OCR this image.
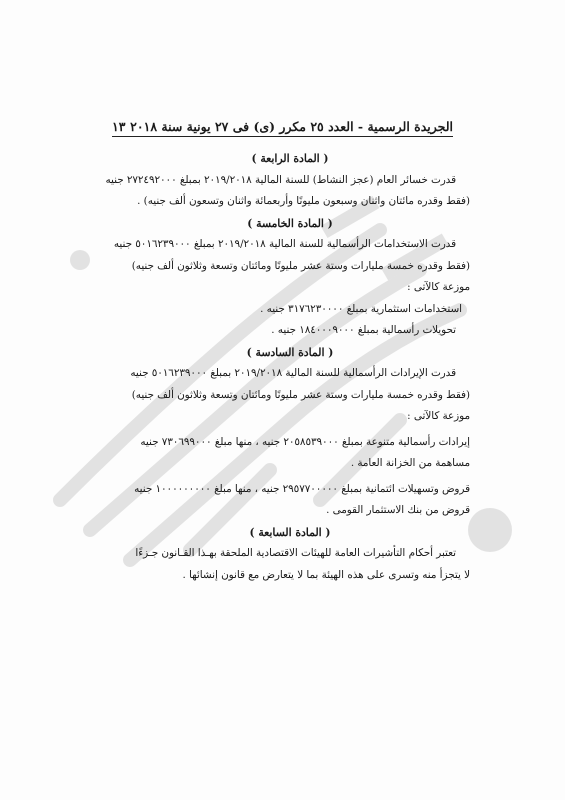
الجريدة الرسمية - العدد ٢٥ مكرر (ى) فى ٢٧ يونية سنة ٢٠١٨
١٣
( المادة الرابعة )
قدرت خسائر العام (عجز النشاط) للسنة المالية ٢٠١٩/٢٠١٨ بمبلغ ٢٧٢٤٩٢٠٠٠ جنيه
(فقط وقدره مائتان واثنان وسبعون مليونًا وأربعمائة واثنان وتسعون ألف جنيه) .
( المادة الخامسة )
قدرت الاستخدامات الرأسمالية للسنة المالية ٢٠١٩/٢٠١٨ بمبلغ ٥٠١٦٢٣٩٠٠٠ جنيه
(فقط وقدره خمسة مليارات وستة عشر مليونًا ومائتان وتسعة وثلاثون ألف جنيه)
موزعة كالآتى :
استخدامات استثمارية بمبلغ ٣١٧٦٢٣٠٠٠٠ جنيه .
تحويلات رأسمالية بمبلغ ١٨٤٠٠٠٩٠٠٠ جنيه .
( المادة السادسة )
قدرت الإيرادات الرأسمالية للسنة المالية ٢٠١٩/٢٠١٨ بمبلغ ٥٠١٦٢٣٩٠٠٠ جنيه
(فقط وقدره خمسة مليارات وستة عشر مليونًا ومائتان وتسعة وثلاثون ألف جنيه)
موزعة كالآتى :
إيرادات رأسمالية متنوعة بمبلغ ٢٠٥٨٥٣٩٠٠٠ جنيه ، منها مبلغ ٧٣٠٦٩٩٠٠٠ جنيه
مساهمة من الخزانة العامة .
قروض وتسهيلات ائتمانية بمبلغ ٢٩٥٧٧٠٠٠٠٠ جنيه ، منها مبلغ ١٠٠٠٠٠٠٠٠٠ جنيه
قروض من بنك الاستثمار القومى .
( المادة السابعة )
تعتبر أحكام التأشيرات العامة للهيئات الاقتصادية الملحقة بهـذا القـانون جـزءًا
لا يتجزأ منه وتسرى على هذه الهيئة بما لا يتعارض مع قانون إنشائها .
